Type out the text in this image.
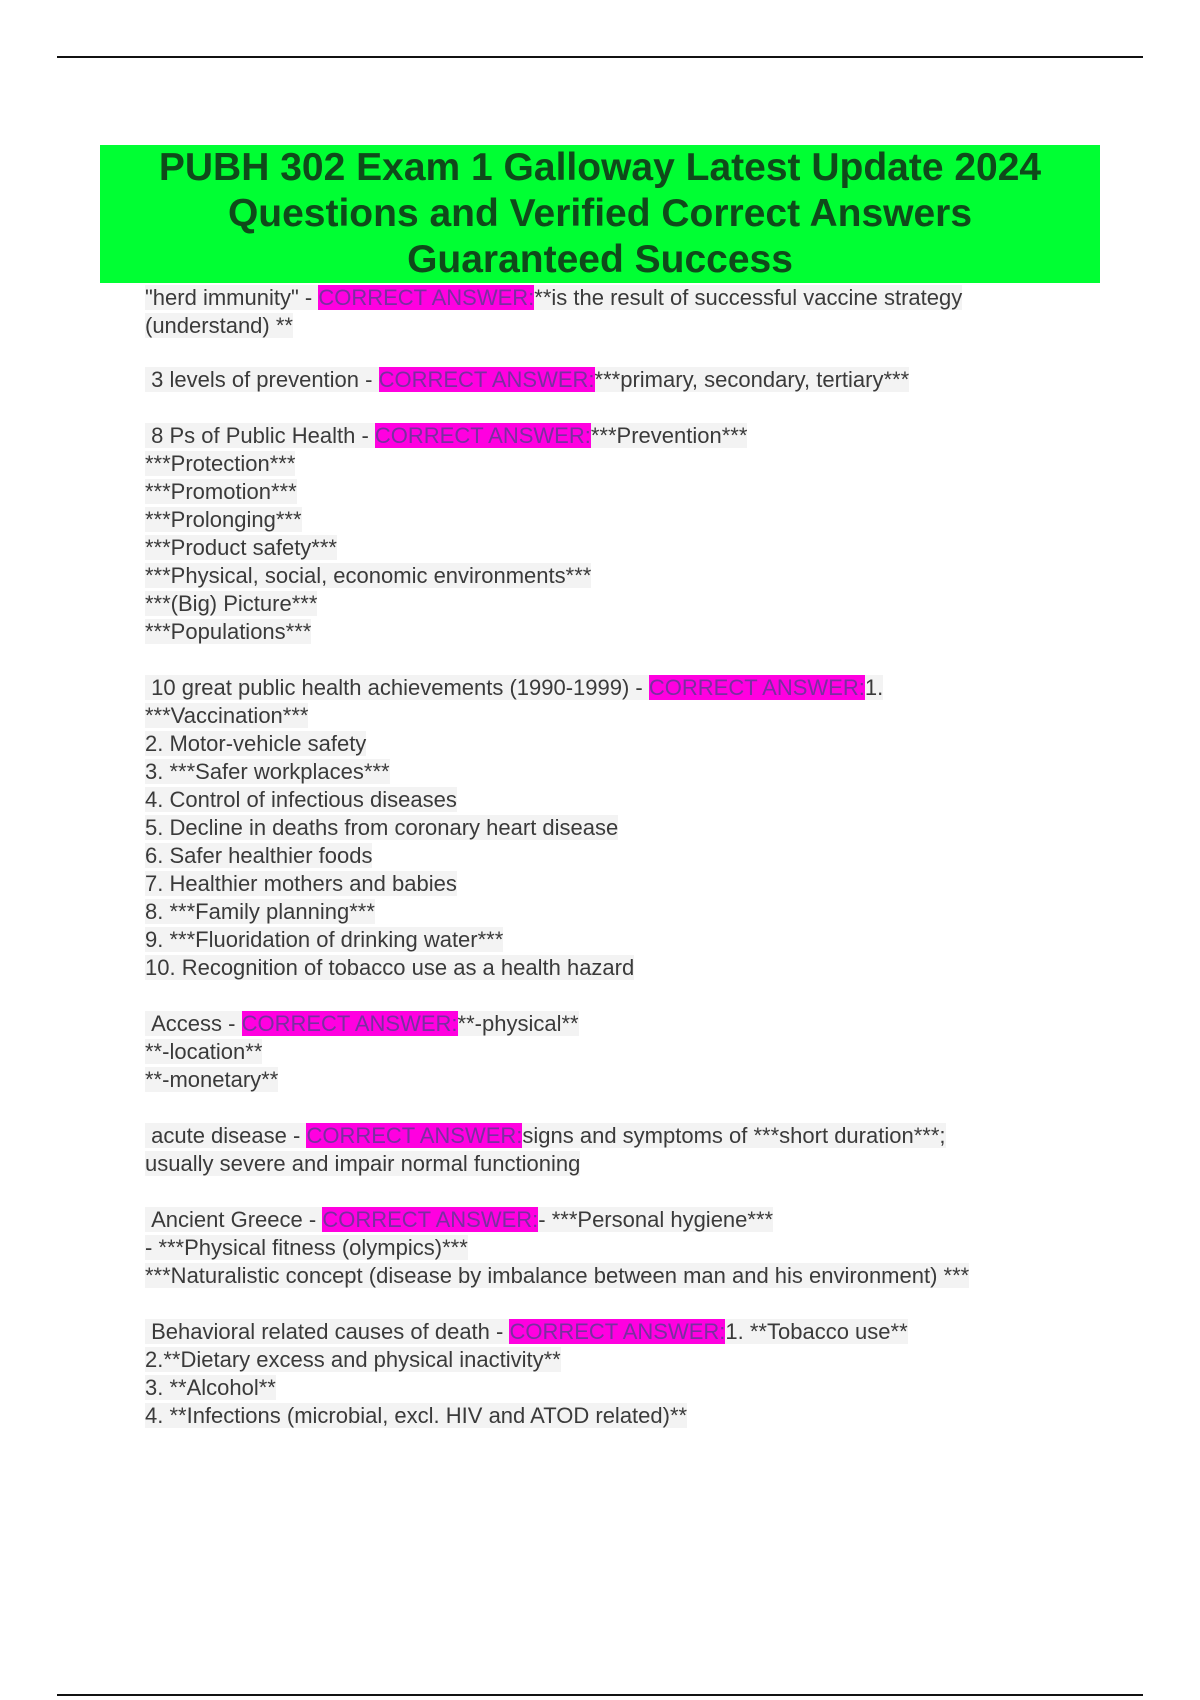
PUBH 302 Exam 1 Galloway Latest Update 2024
Questions and Verified Correct Answers
Guaranteed Success
"herd immunity" - CORRECT ANSWER:**is the result of successful vaccine strategy
(understand) **
3 levels of prevention - CORRECT ANSWER:***primary, secondary, tertiary***
8 Ps of Public Health - CORRECT ANSWER:***Prevention***
***Protection***
***Promotion***
***Prolonging***
***Product safety***
***Physical, social, economic environments***
***(Big) Picture***
***Populations***
10 great public health achievements (1990-1999) - CORRECT ANSWER:1.
***Vaccination***
2. Motor-vehicle safety
3. ***Safer workplaces***
4. Control of infectious diseases
5. Decline in deaths from coronary heart disease
6. Safer healthier foods
7. Healthier mothers and babies
8. ***Family planning***
9. ***Fluoridation of drinking water***
10. Recognition of tobacco use as a health hazard
Access - CORRECT ANSWER:**-physical**
**-location**
**-monetary**
acute disease - CORRECT ANSWER:signs and symptoms of ***short duration***;
usually severe and impair normal functioning
Ancient Greece - CORRECT ANSWER:- ***Personal hygiene***
- ***Physical fitness (olympics)***
***Naturalistic concept (disease by imbalance between man and his environment) ***
Behavioral related causes of death - CORRECT ANSWER:1. **Tobacco use**
2.**Dietary excess and physical inactivity**
3. **Alcohol**
4. **Infections (microbial, excl. HIV and ATOD related)**
